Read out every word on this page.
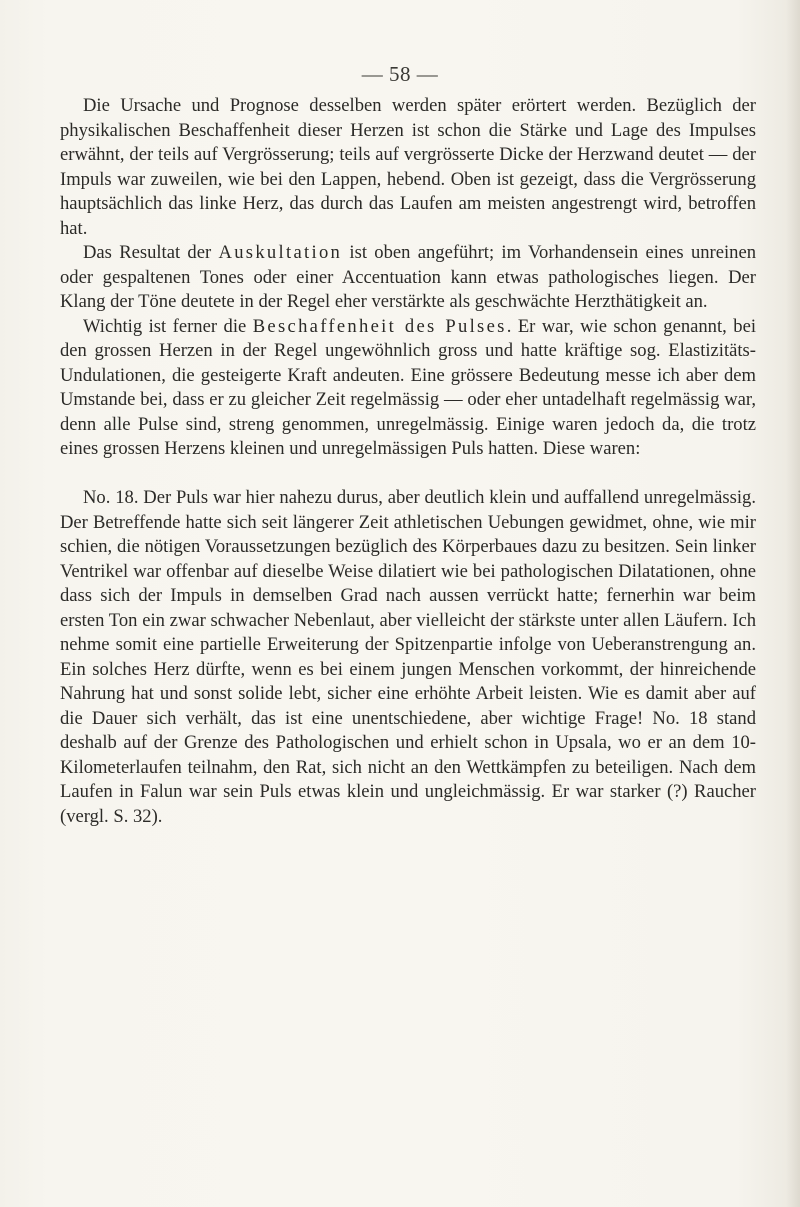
— 58 —

Die Ursache und Prognose desselben werden später erörtert werden. Bezüglich der physikalischen Beschaffenheit dieser Herzen ist schon die Stärke und Lage des Impulses erwähnt, der teils auf Vergrösserung; teils auf vergrösserte Dicke der Herzwand deutet — der Impuls war zuweilen, wie bei den Lappen, hebend. Oben ist gezeigt, dass die Vergrösserung hauptsächlich das linke Herz, das durch das Laufen am meisten angestrengt wird, betroffen hat.

Das Resultat der Auskultation ist oben angeführt; im Vorhandensein eines unreinen oder gespaltenen Tones oder einer Accentuation kann etwas pathologisches liegen. Der Klang der Töne deutete in der Regel eher verstärkte als geschwächte Herzthätigkeit an.

Wichtig ist ferner die Beschaffenheit des Pulses. Er war, wie schon genannt, bei den grossen Herzen in der Regel ungewöhnlich gross und hatte kräftige sog. Elastizitäts-Undulationen, die gesteigerte Kraft andeuten. Eine grössere Bedeutung messe ich aber dem Umstande bei, dass er zu gleicher Zeit regelmässig — oder eher untadelhaft regelmässig war, denn alle Pulse sind, streng genommen, unregelmässig. Einige waren jedoch da, die trotz eines grossen Herzens kleinen und unregelmässigen Puls hatten. Diese waren:

No. 18. Der Puls war hier nahezu durus, aber deutlich klein und auffallend unregelmässig. Der Betreffende hatte sich seit längerer Zeit athletischen Uebungen gewidmet, ohne, wie mir schien, die nötigen Voraussetzungen bezüglich des Körperbaues dazu zu besitzen. Sein linker Ventrikel war offenbar auf dieselbe Weise dilatiert wie bei pathologischen Dilatationen, ohne dass sich der Impuls in demselben Grad nach aussen verrückt hatte; fernerhin war beim ersten Ton ein zwar schwacher Nebenlaut, aber vielleicht der stärkste unter allen Läufern. Ich nehme somit eine partielle Erweiterung der Spitzenpartie infolge von Ueberanstrengung an. Ein solches Herz dürfte, wenn es bei einem jungen Menschen vorkommt, der hinreichende Nahrung hat und sonst solide lebt, sicher eine erhöhte Arbeit leisten. Wie es damit aber auf die Dauer sich verhält, das ist eine unentschiedene, aber wichtige Frage! No. 18 stand deshalb auf der Grenze des Pathologischen und erhielt schon in Upsala, wo er an dem 10-Kilometerlaufen teilnahm, den Rat, sich nicht an den Wettkämpfen zu beteiligen. Nach dem Laufen in Falun war sein Puls etwas klein und ungleichmässig. Er war starker (?) Raucher (vergl. S. 32).
